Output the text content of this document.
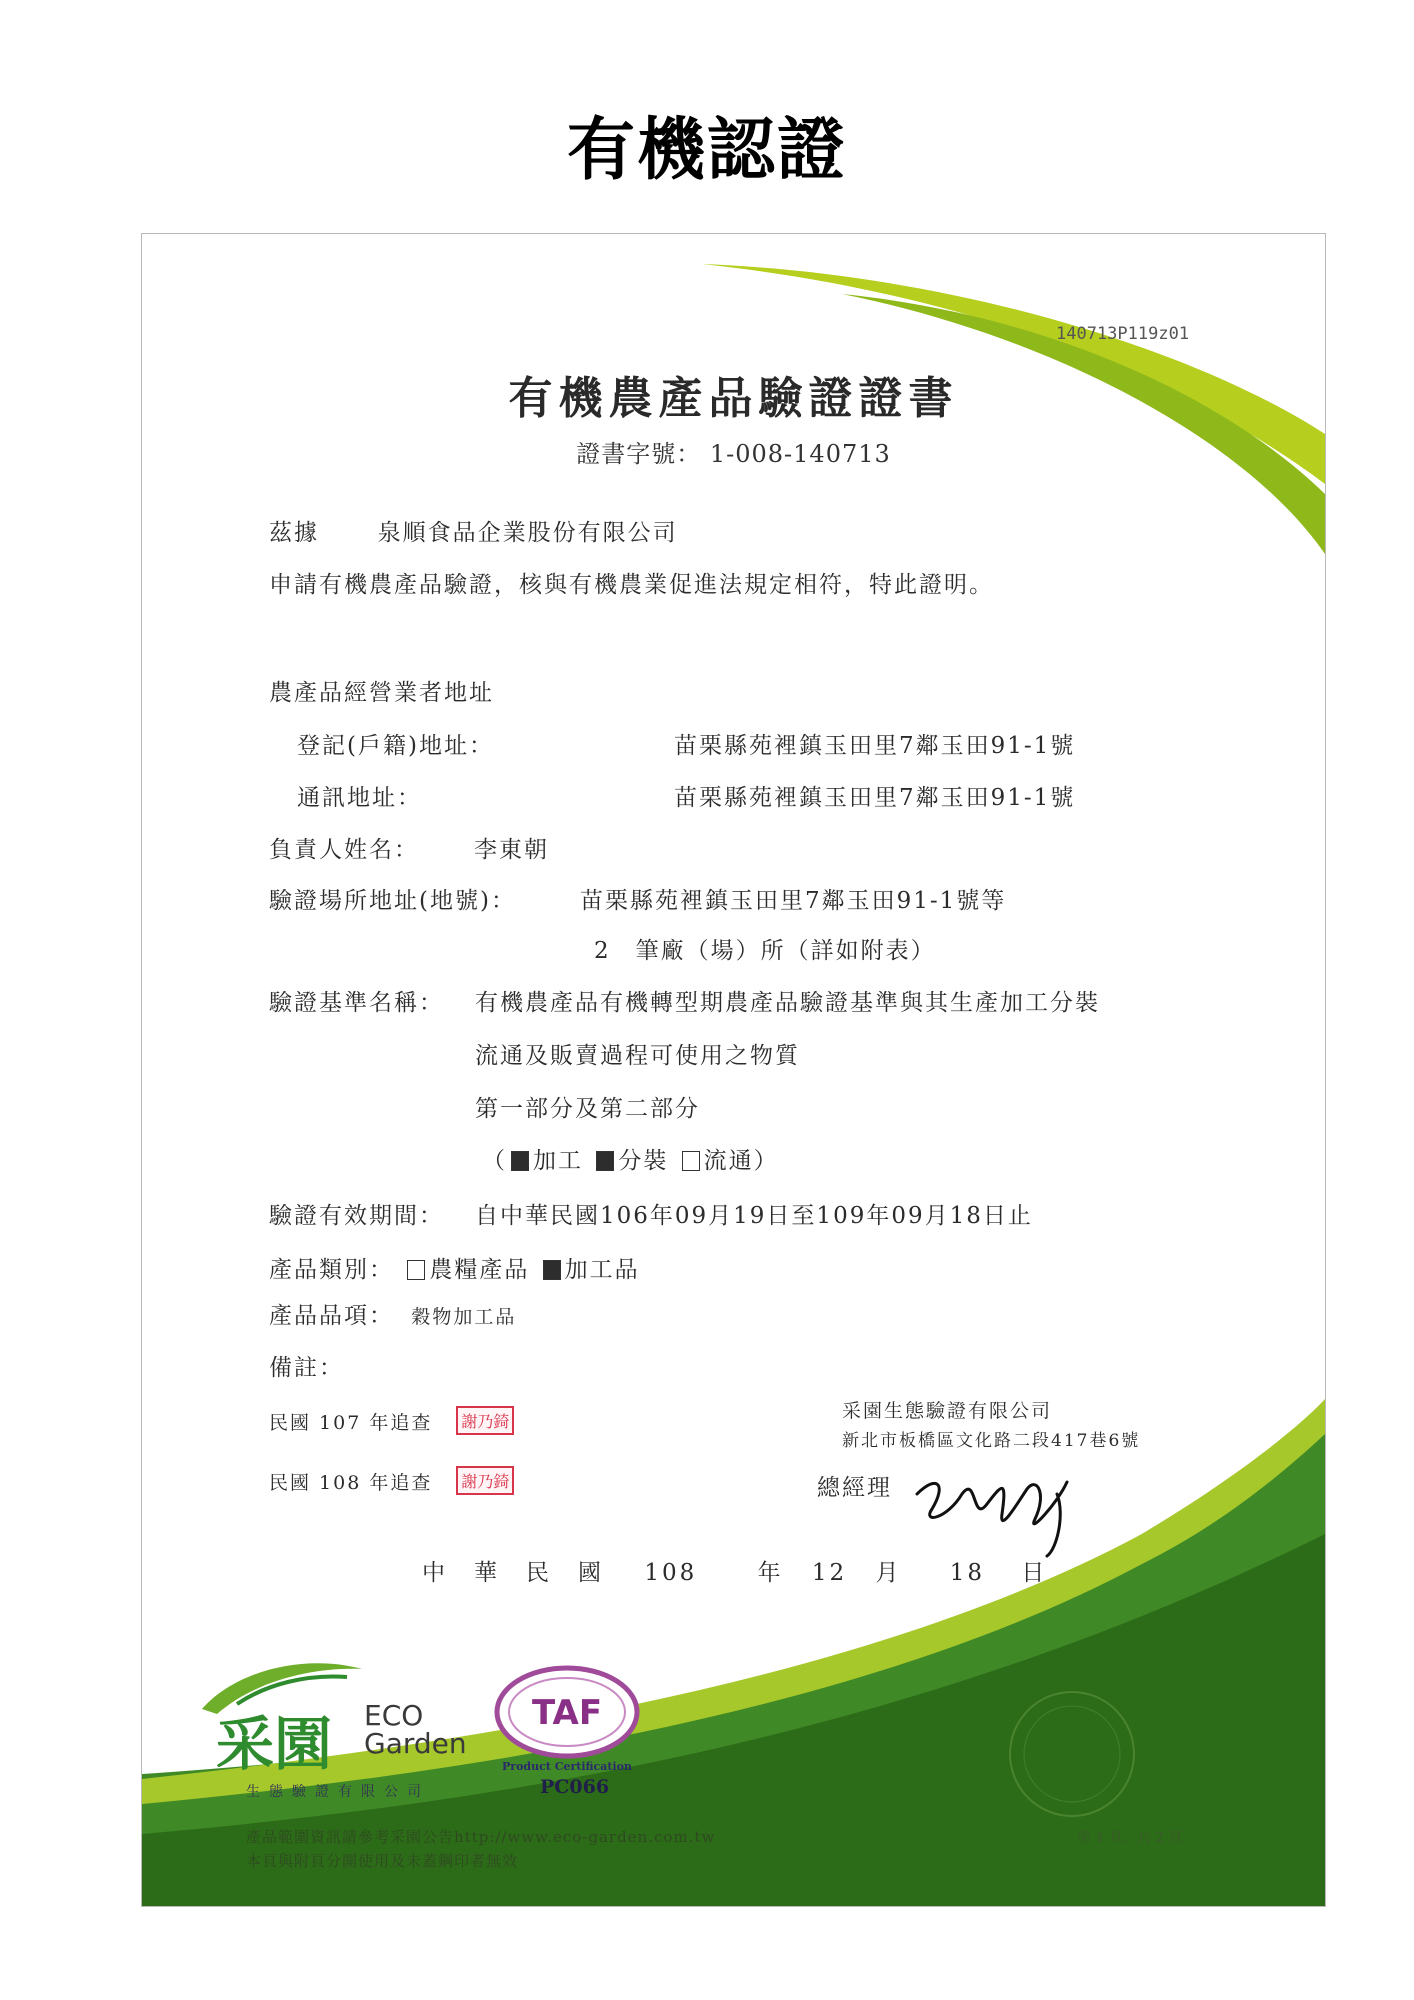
有機認證
140713P119z01
有機農產品驗證證書
證書字號： 1-008-140713
茲據	泉順食品企業股份有限公司
申請有機農產品驗證，核與有機農業促進法規定相符，特此證明。
農產品經營業者地址
登記(戶籍)地址：	苗栗縣苑裡鎮玉田里7鄰玉田91-1號
通訊地址：	苗栗縣苑裡鎮玉田里7鄰玉田91-1號
負責人姓名： 李東朝
驗證場所地址(地號)：	苗栗縣苑裡鎮玉田里7鄰玉田91-1號等
2　筆廠（場）所（詳如附表）
驗證基準名稱： 有機農產品有機轉型期農產品驗證基準與其生產加工分裝
流通及販賣過程可使用之物質
第一部分及第二部分
（ 加工 分裝 流通）
驗證有效期間： 自中華民國106年09月19日至109年09月18日止
產品類別： 農糧產品 加工品
產品品項： 穀物加工品
備註：
民國 107 年追查 謝乃錡
民國 108 年追查 謝乃錡
采園生態驗證有限公司
新北市板橋區文化路二段417巷6號
總經理
中　華　民　國 108	年 12 月 18 日
采園 ECO
Garden
生態驗證有限公司
TAF
Product Certification
PC066
產品範圍資訊請參考采園公告http://www.eco-garden.com.tw
本頁與附頁分開使用及未蓋鋼印者無效
第 1 頁，共 2 頁
